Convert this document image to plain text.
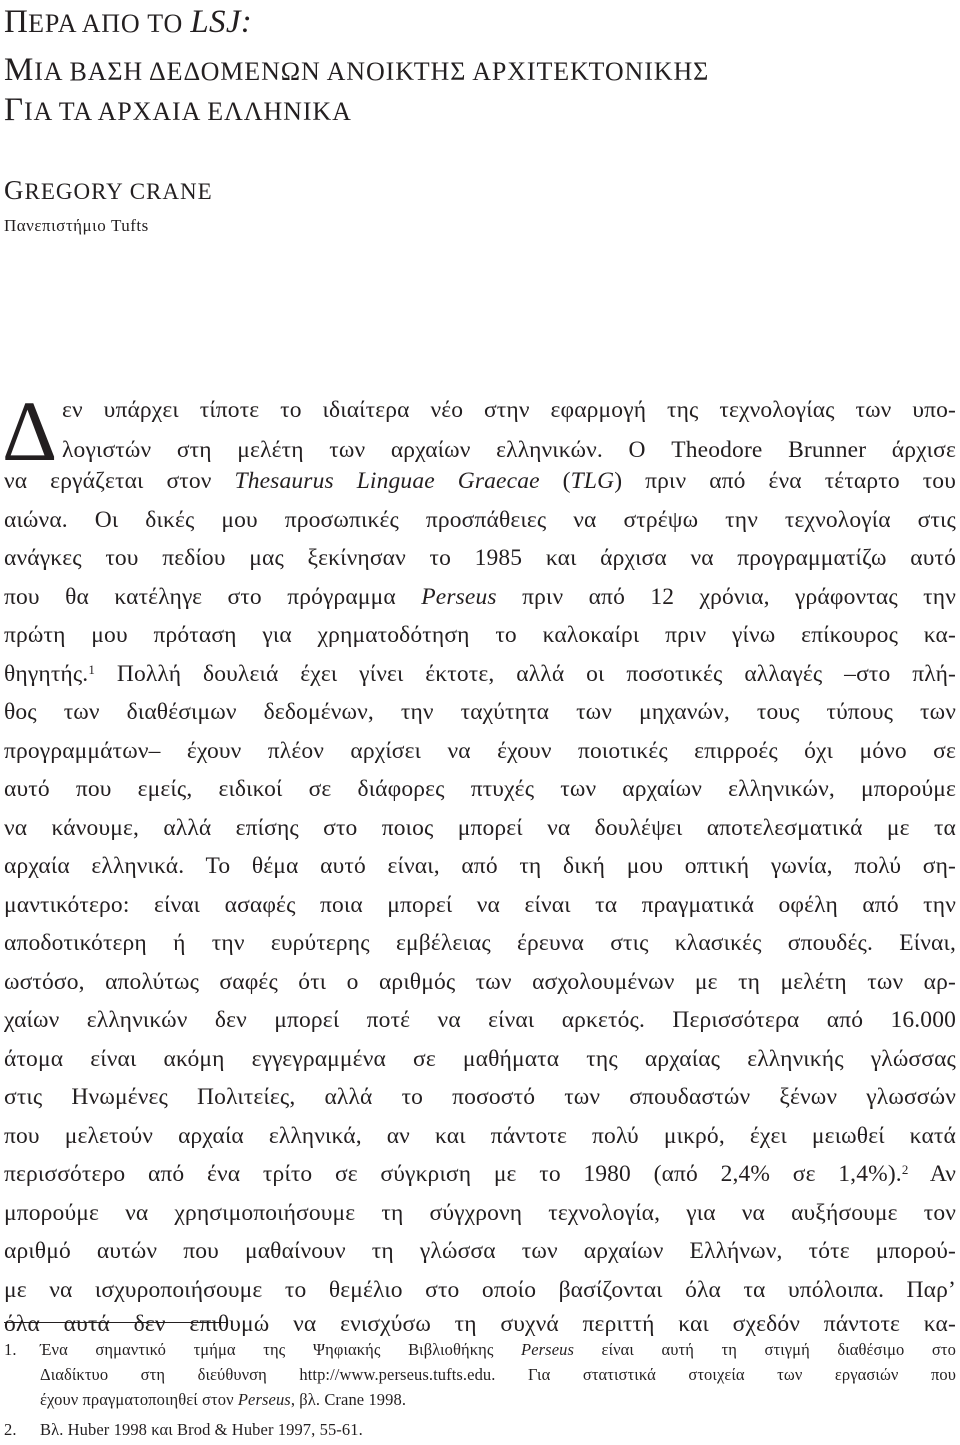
ΠΕΡΑ ΑΠΟ ΤΟ LSJ:
ΜΙΑ ΒΑΣΗ ΔΕΔΟΜΕΝΩΝ ΑΝΟΙΚΤΗΣ ΑΡΧΙΤΕΚΤΟΝΙΚΗΣ
ΓΙΑ ΤΑ ΑΡΧΑΙΑ ΕΛΛΗΝΙΚΑ
GREGORY CRANE
Πανεπιστήμιο Tufts
Δ εν υπάρχει τίποτε το ιδιαίτερα νέο στην εφαρμογή της τεχνολογίας των υπο-
λογιστών στη μελέτη των αρχαίων ελληνικών. Ο Theodore Brunner άρχισε
να εργάζεται στον Thesaurus Linguae Graecae (TLG) πριν από ένα τέταρτο του
αιώνα. Οι δικές μου προσωπικές προσπάθειες να στρέψω την τεχνολογία στις
ανάγκες του πεδίου μας ξεκίνησαν το 1985 και άρχισα να προγραμματίζω αυτό
που θα κατέληγε στο πρόγραμμα Perseus πριν από 12 χρόνια, γράφοντας την
πρώτη μου πρόταση για χρηματοδότηση το καλοκαίρι πριν γίνω επίκουρος κα-
θηγητής.$^1$ Πολλή δουλειά έχει γίνει έκτοτε, αλλά οι ποσοτικές αλλαγές –στο πλή-
θος των διαθέσιμων δεδομένων, την ταχύτητα των μηχανών, τους τύπους των
προγραμμάτων– έχουν πλέον αρχίσει να έχουν ποιοτικές επιρροές όχι μόνο σε
αυτό που εμείς, ειδικοί σε διάφορες πτυχές των αρχαίων ελληνικών, μπορούμε
να κάνουμε, αλλά επίσης στο ποιος μπορεί να δουλέψει αποτελεσματικά με τα
αρχαία ελληνικά. Το θέμα αυτό είναι, από τη δική μου οπτική γωνία, πολύ ση-
μαντικότερο: είναι ασαφές ποια μπορεί να είναι τα πραγματικά οφέλη από την
αποδοτικότερη ή την ευρύτερης εμβέλειας έρευνα στις κλασικές σπουδές. Είναι,
ωστόσο, απολύτως σαφές ότι ο αριθμός των ασχολουμένων με τη μελέτη των αρ-
χαίων ελληνικών δεν μπορεί ποτέ να είναι αρκετός. Περισσότερα από 16.000
άτομα είναι ακόμη εγγεγραμμένα σε μαθήματα της αρχαίας ελληνικής γλώσσας
στις Ηνωμένες Πολιτείες, αλλά το ποσοστό των σπουδαστών ξένων γλωσσών
που μελετούν αρχαία ελληνικά, αν και πάντοτε πολύ μικρό, έχει μειωθεί κατά
περισσότερο από ένα τρίτο σε σύγκριση με το 1980 (από 2,4% σε 1,4%).$^2$ Αν
μπορούμε να χρησιμοποιήσουμε τη σύγχρονη τεχνολογία, για να αυξήσουμε τον
αριθμό αυτών που μαθαίνουν τη γλώσσα των αρχαίων Ελλήνων, τότε μπορού-
με να ισχυροποιήσουμε το θεμέλιο στο οποίο βασίζονται όλα τα υπόλοιπα. Παρ’
όλα αυτά δεν επιθυμώ να ενισχύσω τη συχνά περιττή και σχεδόν πάντοτε κα-
1. Ένα σημαντικό τμήμα της Ψηφιακής Βιβλιοθήκης Perseus είναι αυτή τη στιγμή διαθέσιμο στο
Διαδίκτυο στη διεύθυνση http://www.perseus.tufts.edu. Για στατιστικά στοιχεία των εργασιών που
έχουν πραγματοποιηθεί στον Perseus, βλ. Crane 1998.
2. Βλ. Huber 1998 και Brod & Huber 1997, 55-61.
